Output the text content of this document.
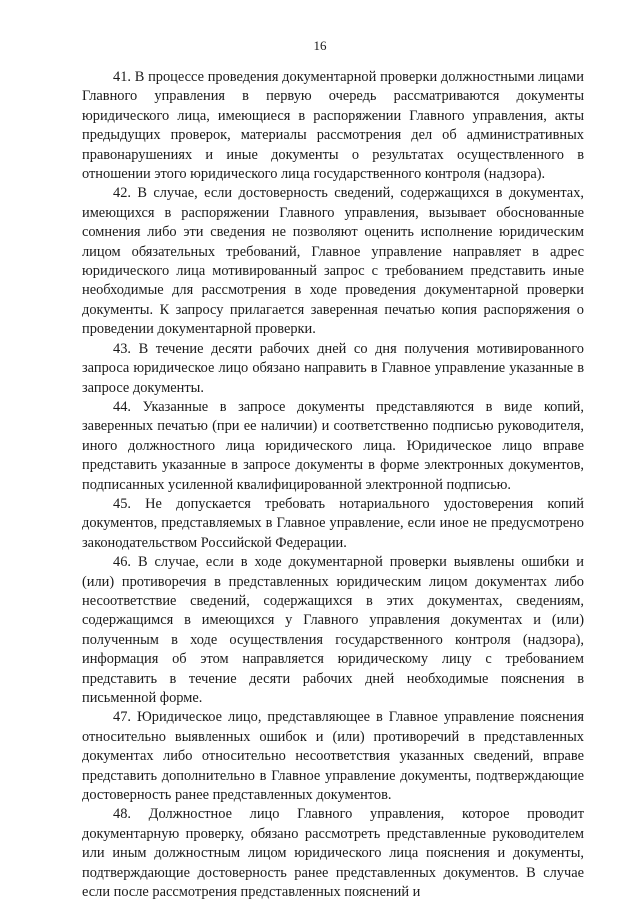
16

41. В процессе проведения документарной проверки должностными лицами Главного управления в первую очередь рассматриваются документы юридического лица, имеющиеся в распоряжении Главного управления, акты предыдущих проверок, материалы рассмотрения дел об административных правонарушениях и иные документы о результатах осуществленного в отношении этого юридического лица государственного контроля (надзора).

42. В случае, если достоверность сведений, содержащихся в документах, имеющихся в распоряжении Главного управления, вызывает обоснованные сомнения либо эти сведения не позволяют оценить исполнение юридическим лицом обязательных требований, Главное управление направляет в адрес юридического лица мотивированный запрос с требованием представить иные необходимые для рассмотрения в ходе проведения документарной проверки документы. К запросу прилагается заверенная печатью копия распоряжения о проведении документарной проверки.

43. В течение десяти рабочих дней со дня получения мотивированного запроса юридическое лицо обязано направить в Главное управление указанные в запросе документы.

44. Указанные в запросе документы представляются в виде копий, заверенных печатью (при ее наличии) и соответственно подписью руководителя, иного должностного лица юридического лица. Юридическое лицо вправе представить указанные в запросе документы в форме электронных документов, подписанных усиленной квалифицированной электронной подписью.

45. Не допускается требовать нотариального удостоверения копий документов, представляемых в Главное управление, если иное не предусмотрено законодательством Российской Федерации.

46. В случае, если в ходе документарной проверки выявлены ошибки и (или) противоречия в представленных юридическим лицом документах либо несоответствие сведений, содержащихся в этих документах, сведениям, содержащимся в имеющихся у Главного управления документах и (или) полученным в ходе осуществления государственного контроля (надзора), информация об этом направляется юридическому лицу с требованием представить в течение десяти рабочих дней необходимые пояснения в письменной форме.

47. Юридическое лицо, представляющее в Главное управление пояснения относительно выявленных ошибок и (или) противоречий в представленных документах либо относительно несоответствия указанных сведений, вправе представить дополнительно в Главное управление документы, подтверждающие достоверность ранее представленных документов.

48. Должностное лицо Главного управления, которое проводит документарную проверку, обязано рассмотреть представленные руководителем или иным должностным лицом юридического лица пояснения и документы, подтверждающие достоверность ранее представленных документов. В случае если после рассмотрения представленных пояснений и
